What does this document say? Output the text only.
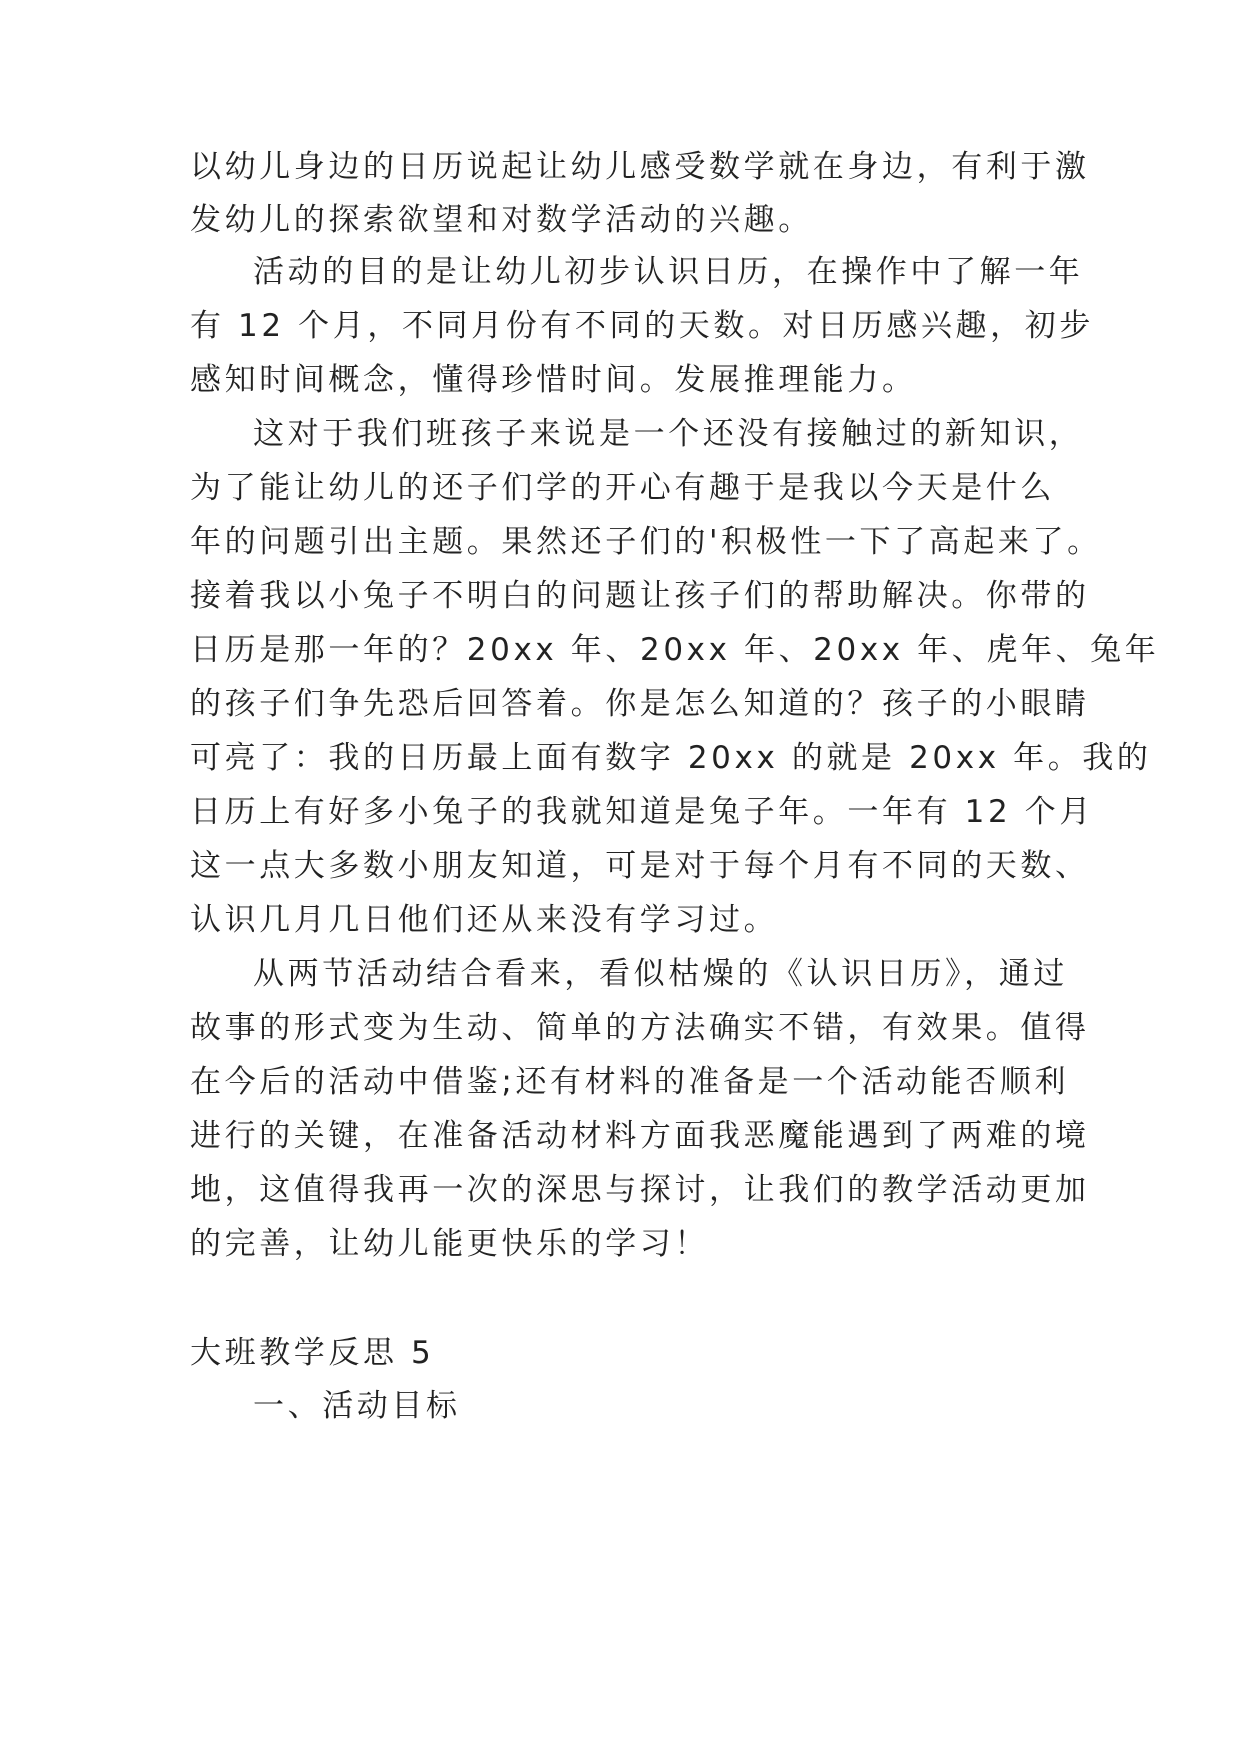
以幼儿身边的日历说起让幼儿感受数学就在身边，有利于激
发幼儿的探索欲望和对数学活动的兴趣。
活动的目的是让幼儿初步认识日历，在操作中了解一年
有 12 个月，不同月份有不同的天数。对日历感兴趣，初步
感知时间概念，懂得珍惜时间。发展推理能力。
这对于我们班孩子来说是一个还没有接触过的新知识，
为了能让幼儿的还子们学的开心有趣于是我以今天是什么
年的问题引出主题。果然还子们的'积极性一下了高起来了。
接着我以小兔子不明白的问题让孩子们的帮助解决。你带的
日历是那一年的？20xx 年、20xx 年、20xx 年、虎年、兔年
的孩子们争先恐后回答着。你是怎么知道的？孩子的小眼睛
可亮了：我的日历最上面有数字 20xx 的就是 20xx 年。我的
日历上有好多小兔子的我就知道是兔子年。一年有 12 个月
这一点大多数小朋友知道，可是对于每个月有不同的天数、
认识几月几日他们还从来没有学习过。
从两节活动结合看来，看似枯燥的《认识日历》，通过
故事的形式变为生动、简单的方法确实不错，有效果。值得
在今后的活动中借鉴;还有材料的准备是一个活动能否顺利
进行的关键，在准备活动材料方面我恶魔能遇到了两难的境
地，这值得我再一次的深思与探讨，让我们的教学活动更加
的完善，让幼儿能更快乐的学习！
大班教学反思 5
一、活动目标
